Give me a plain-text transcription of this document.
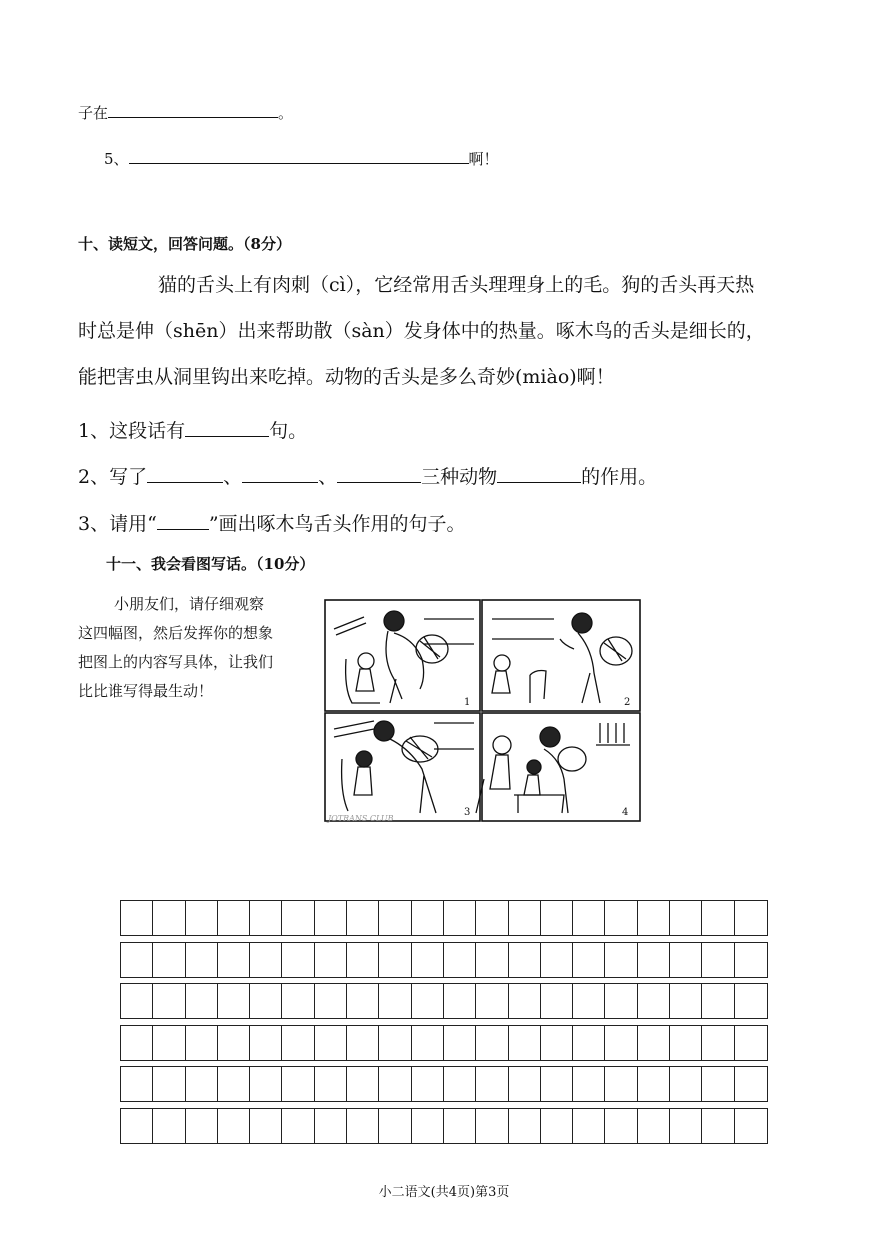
子在	。
5、	啊！
十、读短文，回答问题。（8分）

猫的舌头上有肉刺（cì），它经常用舌头理理身上的毛。狗的舌头再天热

时总是伸（shēn）出来帮助散（sàn）发身体中的热量。啄木鸟的舌头是细长的，

能把害虫从洞里钩出来吃掉。动物的舌头是多么奇妙(miào)啊！

1、这段话有	句。
2、写了	、	、	三种动物	的作用。
3、请用“	”画出啄木鸟舌头作用的句子。
十一、我会看图写话。（10分）
小朋友们，请仔细观察
这四幅图，然后发挥你的想象
把图上的内容写具体，让我们
比比谁写得最生动！
2
1
3	4
JOTRANS CLUB
小二语文(共4页)第3页
